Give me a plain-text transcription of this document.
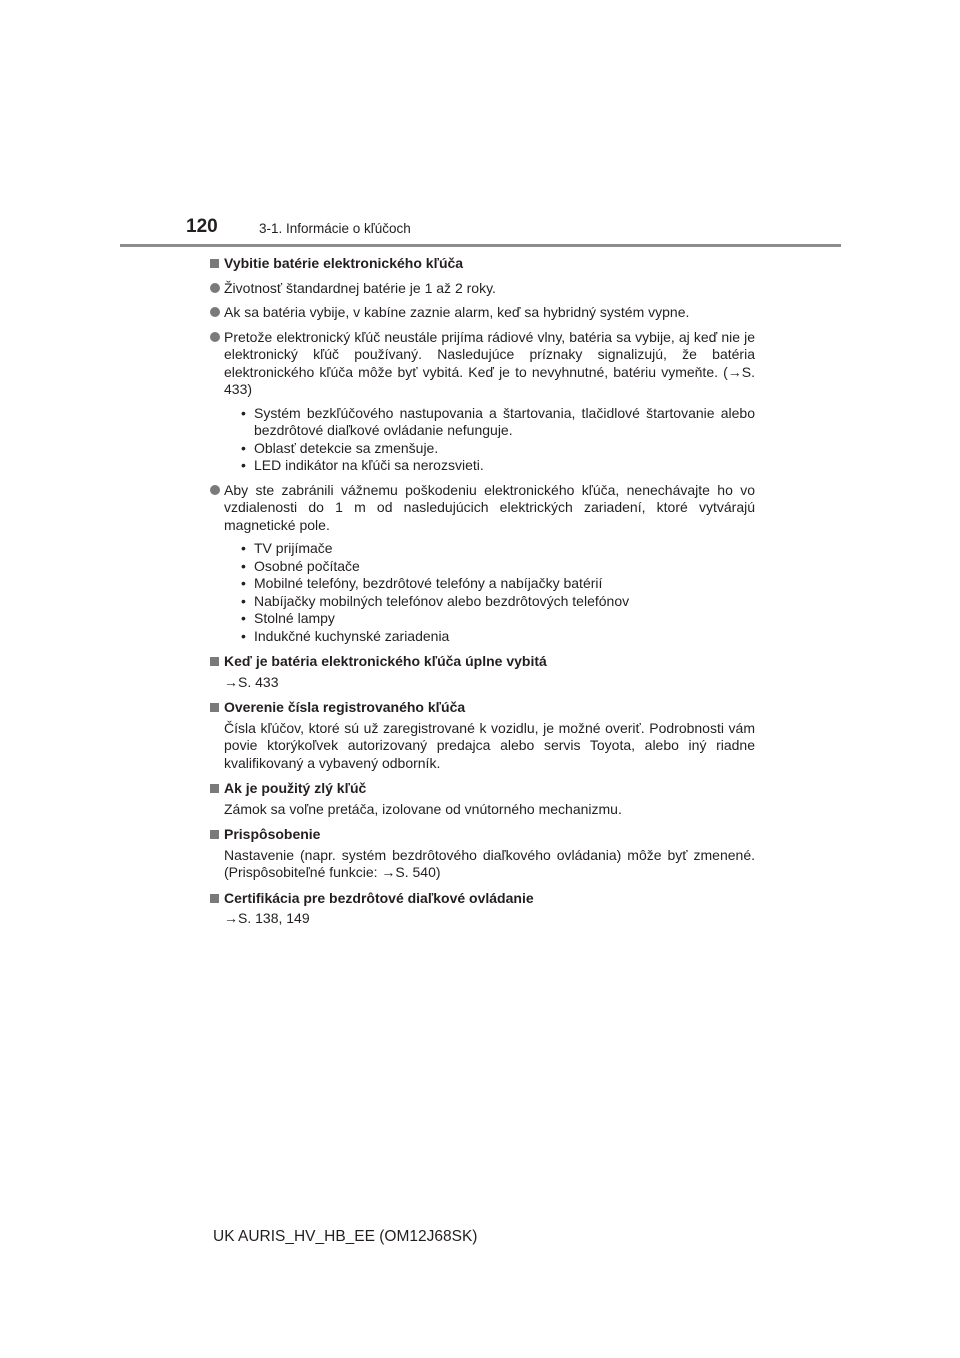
120	3-1. Informácie o kľúčoch
Vybitie batérie elektronického kľúča
Životnosť štandardnej batérie je 1 až 2 roky.
Ak sa batéria vybije, v kabíne zaznie alarm, keď sa hybridný systém vypne.
Pretože elektronický kľúč neustále prijíma rádiové vlny, batéria sa vybije, aj keď nie je elektronický kľúč používaný. Nasledujúce príznaky signalizujú, že batéria elektronického kľúča môže byť vybitá. Keď je to nevyhnutné, batériu vymeňte. (→S. 433)
• Systém bezkľúčového nastupovania a štartovania, tlačidlové štartovanie alebo bezdrôtové diaľkové ovládanie nefunguje.
• Oblasť detekcie sa zmenšuje.
• LED indikátor na kľúči sa nerozsvieti.
Aby ste zabránili vážnemu poškodeniu elektronického kľúča, nenechávajte ho vo vzdialenosti do 1 m od nasledujúcich elektrických zariadení, ktoré vytvárajú magnetické pole.
• TV prijímače
• Osobné počítače
• Mobilné telefóny, bezdrôtové telefóny a nabíjačky batérií
• Nabíjačky mobilných telefónov alebo bezdrôtových telefónov
• Stolné lampy
• Indukčné kuchynské zariadenia
Keď je batéria elektronického kľúča úplne vybitá
→S. 433
Overenie čísla registrovaného kľúča
Čísla kľúčov, ktoré sú už zaregistrované k vozidlu, je možné overiť. Podrobnosti vám povie ktorýkoľvek autorizovaný predajca alebo servis Toyota, alebo iný riadne kvalifikovaný a vybavený odborník.
Ak je použitý zlý kľúč
Zámok sa voľne pretáča, izolovane od vnútorného mechanizmu.
Prispôsobenie
Nastavenie (napr. systém bezdrôtového diaľkového ovládania) môže byť zmenené. (Prispôsobiteľné funkcie: →S. 540)
Certifikácia pre bezdrôtové diaľkové ovládanie
→S. 138, 149
UK AURIS_HV_HB_EE (OM12J68SK)
